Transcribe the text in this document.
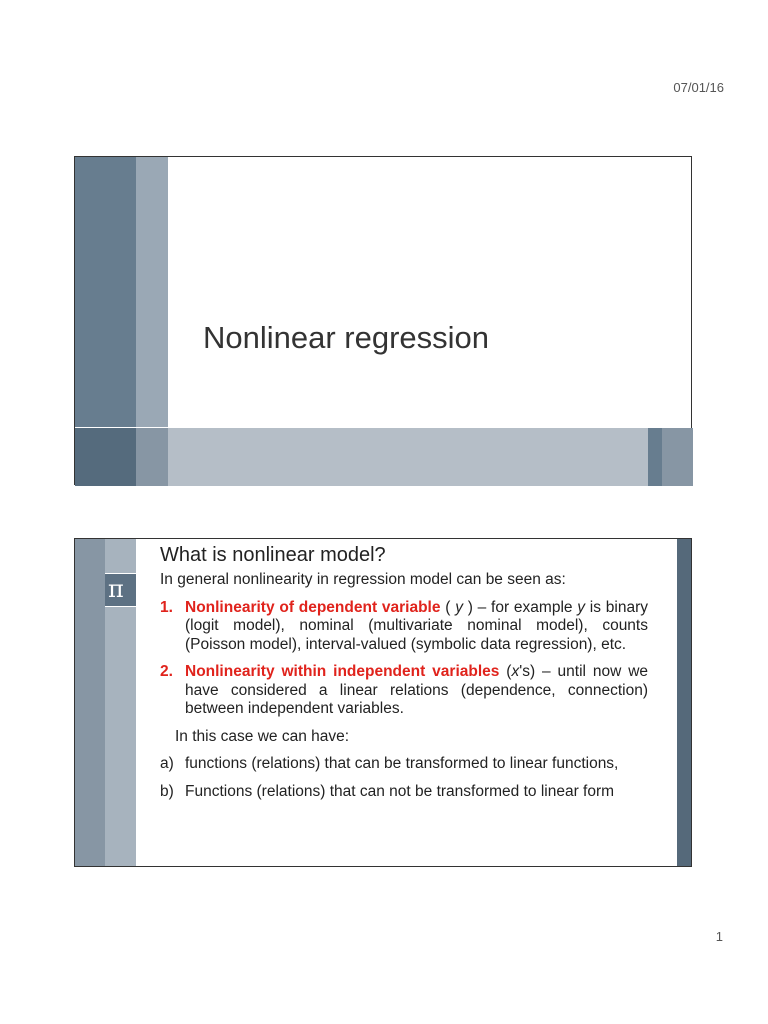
07/01/16
Nonlinear regression
π
What is nonlinear model?

In general nonlinearity in regression model can be seen as:

1. Nonlinearity of dependent variable ( y ) – for example y is binary (logit model), nominal (multivariate nominal model), counts (Poisson model), interval-valued (symbolic data regression), etc.

2. Nonlinearity within independent variables (x's) – until now we have considered a linear relations (dependence, connection) between independent variables.

In this case we can have:

a) functions (relations) that can be transformed to linear functions,

b) Functions (relations) that can not be transformed to linear form

1
